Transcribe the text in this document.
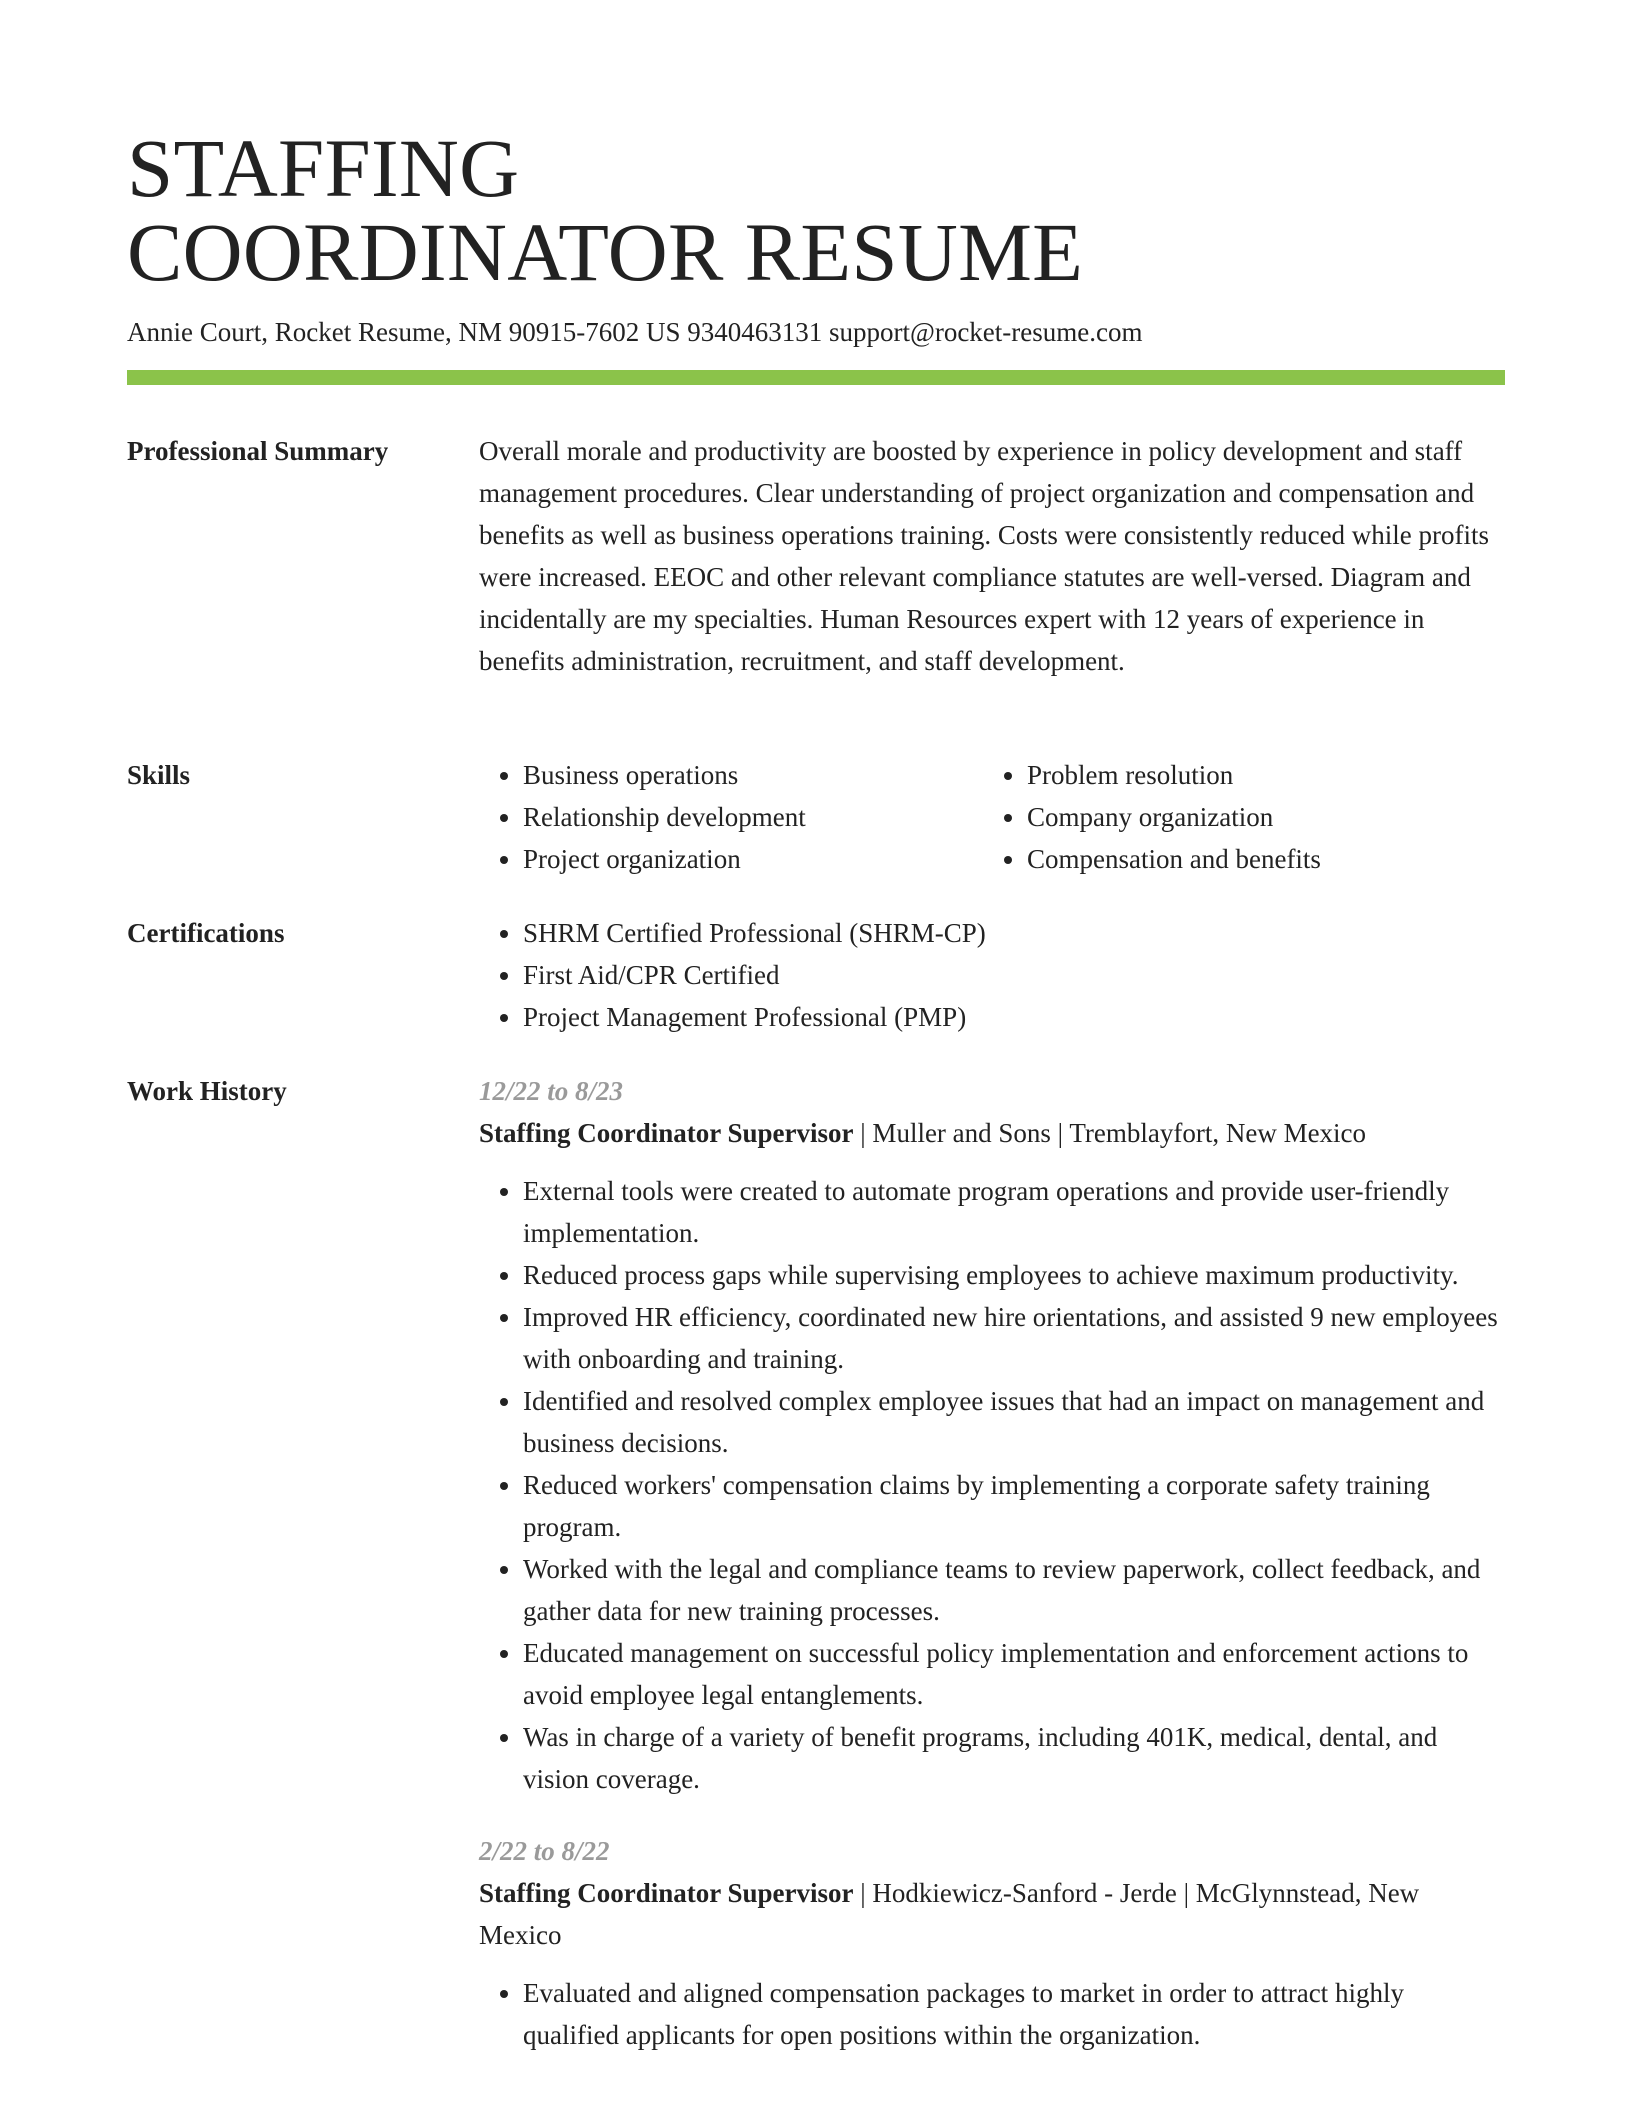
STAFFING
COORDINATOR RESUME
Annie Court, Rocket Resume, NM 90915-7602 US 9340463131 support@rocket-resume.com
Professional Summary	Overall morale and productivity are boosted by experience in policy development and staff management procedures. Clear understanding of project organization and compensation and benefits as well as business operations training. Costs were consistently reduced while profits were increased. EEOC and other relevant compliance statutes are well-versed. Diagram and incidentally are my specialties. Human Resources expert with 12 years of experience in benefits administration, recruitment, and staff development.

Skills	• Business operations
• Relationship development
• Project organization
• Problem resolution
• Company organization
• Compensation and benefits
Certifications	• SHRM Certified Professional (SHRM-CP)
• First Aid/CPR Certified
• Project Management Professional (PMP)
Work History	12/22 to 8/23
Staffing Coordinator Supervisor | Muller and Sons | Tremblayfort, New Mexico
• External tools were created to automate program operations and provide user-friendly implementation.
• Reduced process gaps while supervising employees to achieve maximum productivity.
• Improved HR efficiency, coordinated new hire orientations, and assisted 9 new employees with onboarding and training.
• Identified and resolved complex employee issues that had an impact on management and business decisions.
• Reduced workers' compensation claims by implementing a corporate safety training program.
• Worked with the legal and compliance teams to review paperwork, collect feedback, and gather data for new training processes.
• Educated management on successful policy implementation and enforcement actions to avoid employee legal entanglements.
• Was in charge of a variety of benefit programs, including 401K, medical, dental, and vision coverage.
2/22 to 8/22
Staffing Coordinator Supervisor | Hodkiewicz-Sanford - Jerde | McGlynnstead, New Mexico
• Evaluated and aligned compensation packages to market in order to attract highly qualified applicants for open positions within the organization.
